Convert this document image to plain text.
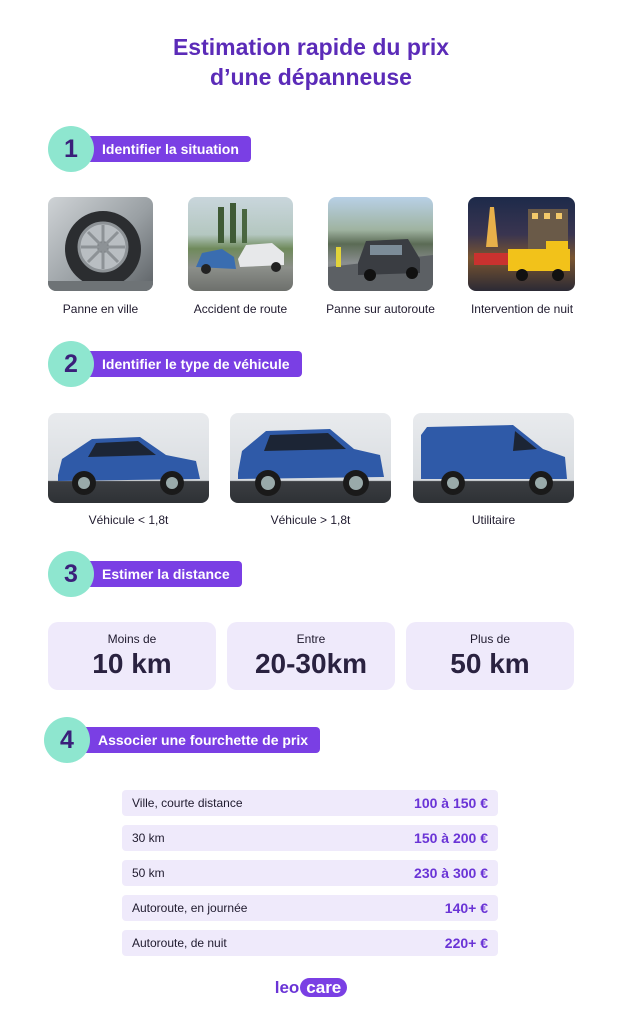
Estimation rapide du prix
d’une dépanneuse
1	Identifier la situation
Panne en ville	Accident de route	Panne sur autoroute	Intervention de nuit
2	Identifier le type de véhicule
Véhicule < 1,8t	Véhicule > 1,8t	Utilitaire
3	Estimer la distance
Moins de
10 km
Entre
20-30km
Plus de
50 km
4	Associer une fourchette de prix
Ville, courte distance	100 à 150 €
30 km	150 à 200 €
50 km	230 à 300 €
Autoroute, en journée	140+ €
Autoroute, de nuit	220+ €
leo care
